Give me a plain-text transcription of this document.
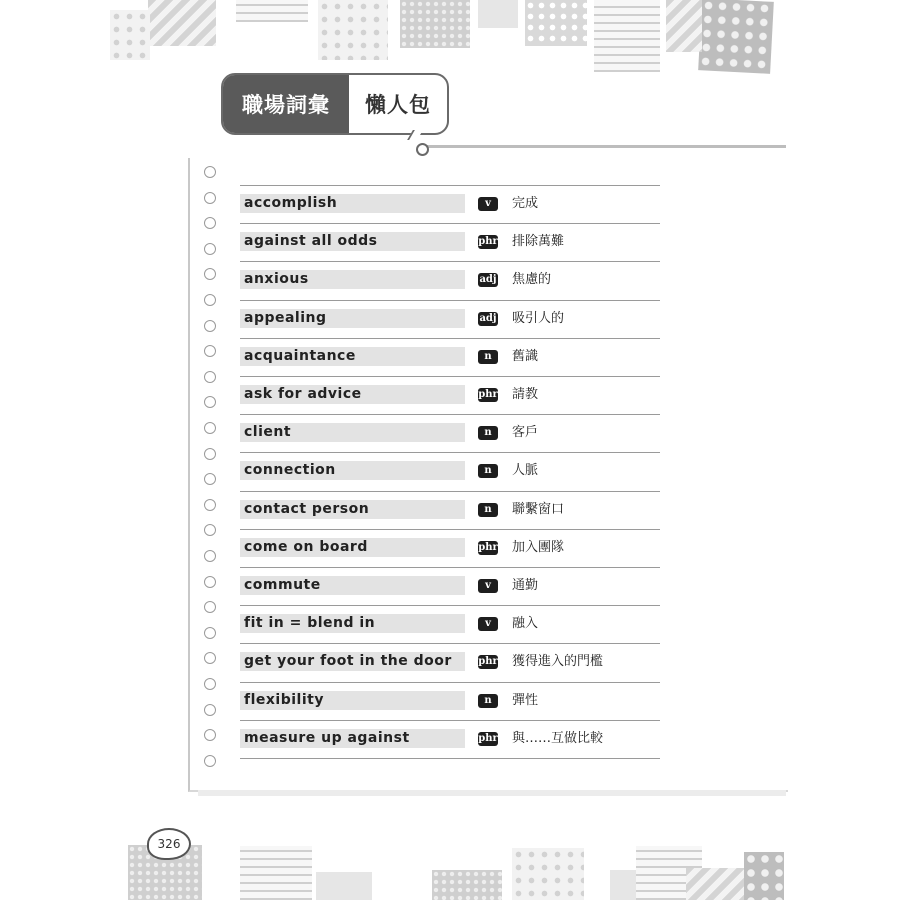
職場詞彙	懶人包
accomplish	v	完成
against all odds	phr 排除萬難
anxious	adj 焦慮的
appealing	adj 吸引人的
acquaintance	n	舊識
ask for advice	phr 請教
client	n	客戶
connection	n	人脈
contact person	n	聯繫窗口
come on board	phr 加入團隊
commute	v	通勤
fit in = blend in	v	融入
get your foot in the door	phr 獲得進入的門檻
flexibility	n	彈性
measure up against	phr 與……互做比較
326
